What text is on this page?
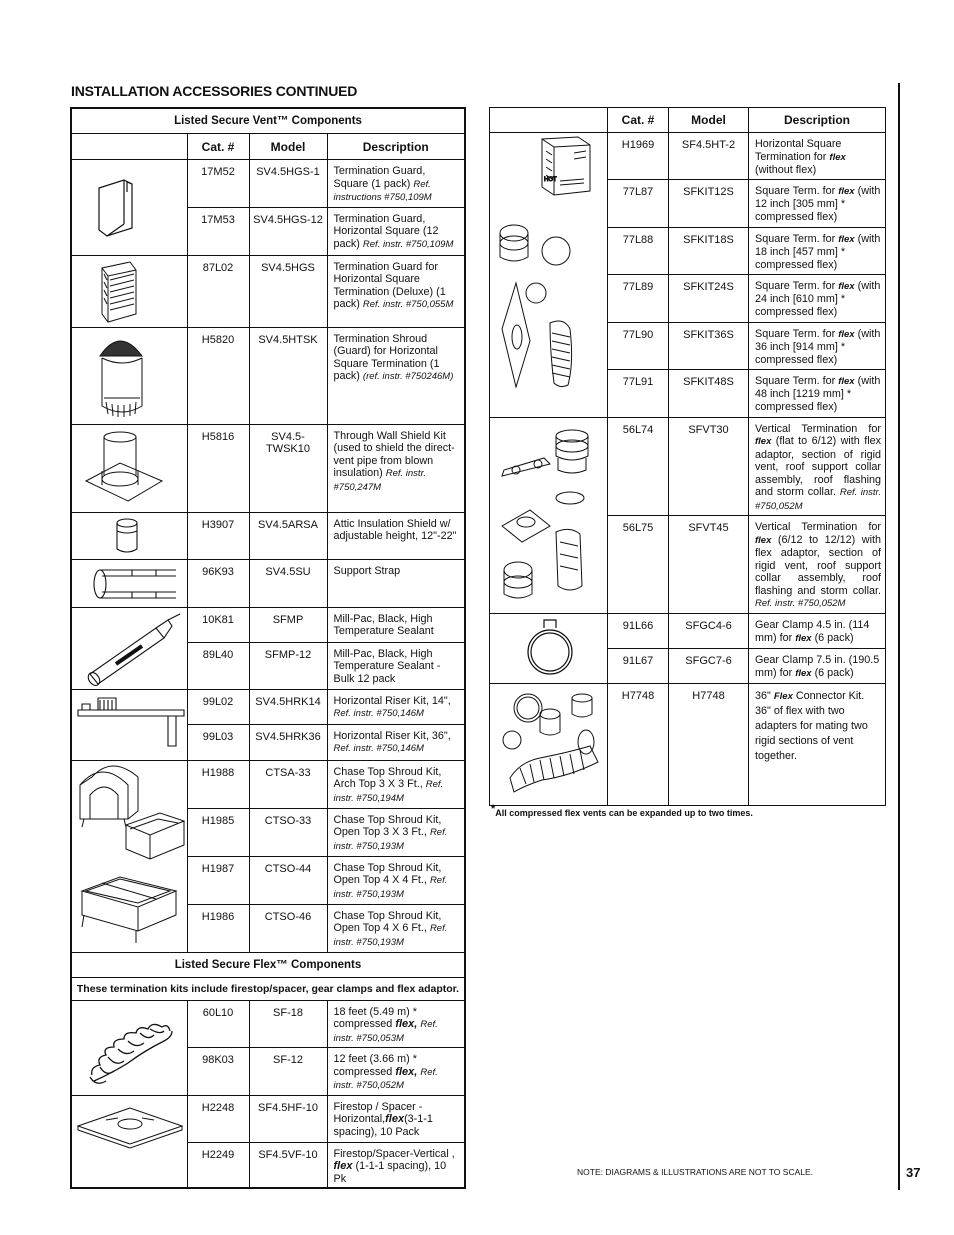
INSTALLATION ACCESSORIES CONTINUED
Listed Secure Vent™ Components			
	Cat. #	Model	Description

	17M52	SV4.5HGS-1	Termination Guard, Square (1 pack) Ref. instructions #750,109M
	17M53	SV4.5HGS-12	Termination Guard, Horizontal Square (12 pack) Ref. instr. #750,109M

	87L02	SV4.5HGS	Termination Guard for Horizontal Square Termination (Deluxe) (1 pack) Ref. instr. #750,055M

	H5820	SV4.5HTSK	Termination Shroud (Guard) for Horizontal Square Termination (1 pack) (ref. instr. #750246M)

	H5816	SV4.5-TWSK10	Through Wall Shield Kit (used to shield the direct-vent pipe from blown insulation) Ref. instr. #750,247M

	H3907	SV4.5ARSA	Attic Insulation Shield w/ adjustable height, 12"-22"

	96K93	SV4.5SU	Support Strap

	10K81	SFMP	Mill-Pac, Black, High Temperature Sealant
	89L40	SFMP-12	Mill-Pac, Black, High Temperature Sealant - Bulk 12 pack

	99L02	SV4.5HRK14	Horizontal Riser Kit, 14", Ref. instr. #750,146M
	99L03	SV4.5HRK36	Horizontal Riser Kit, 36", Ref. instr. #750,146M

	H1988	CTSA-33	Chase Top Shroud Kit, Arch Top 3 X 3 Ft., Ref. instr. #750,194M
	H1985	CTSO-33	Chase Top Shroud Kit, Open Top 3 X 3 Ft., Ref. instr. #750,193M
	H1987	CTSO-44	Chase Top Shroud Kit, Open Top 4 X 4 Ft., Ref. instr. #750,193M
	H1986	CTSO-46	Chase Top Shroud Kit, Open Top 4 X 6 Ft., Ref. instr. #750,193M
Listed Secure Flex™ Components			
These termination kits include firestop/spacer, gear clamps and flex adaptor.			

	60L10	SF-18	18 feet (5.49 m) * compressed flex, Ref. instr. #750,053M
	98K03	SF-12	12 feet (3.66 m) * compressed flex, Ref. instr. #750,052M

	H2248	SF4.5HF-10	Firestop / Spacer - Horizontal,flex(3-1-1 spacing), 10 Pack
	H2249	SF4.5VF-10	Firestop/Spacer-Vertical , flex (1-1-1 spacing), 10 Pk
	Cat. #	Model	Description

HOT	H1969	SF4.5HT-2	Horizontal Square Termination for flex (without flex)
	77L87	SFKIT12S	Square Term. for flex (with 12 inch [305 mm] * compressed flex)
	77L88	SFKIT18S	Square Term. for flex (with 18 inch [457 mm] * compressed flex)
	77L89	SFKIT24S	Square Term. for flex (with 24 inch [610 mm] * compressed flex)
	77L90	SFKIT36S	Square Term. for flex (with 36 inch [914 mm] * compressed flex)
	77L91	SFKIT48S	Square Term. for flex (with 48 inch [1219 mm] * compressed flex)

	56L74	SFVT30	Vertical Termination for flex (flat to 6/12) with flex adaptor, section of rigid vent, roof support collar assembly, roof flashing and storm collar. Ref. instr. #750,052M
	56L75	SFVT45	Vertical Termination for flex (6/12 to 12/12) with flex adaptor, section of rigid vent, roof support collar assembly, roof flashing and storm collar. Ref. instr. #750,052M

	91L66	SFGC4-6	Gear Clamp 4.5 in. (114 mm) for flex (6 pack)
	91L67	SFGC7-6	Gear Clamp 7.5 in. (190.5 mm) for flex (6 pack)

	H7748	H7748	36" Flex Connector Kit. 36" of flex with two adapters for mating two rigid sections of vent together.
*All compressed flex vents can be expanded up to two times.
NOTE: DIAGRAMS & ILLUSTRATIONS ARE NOT TO SCALE.	37
